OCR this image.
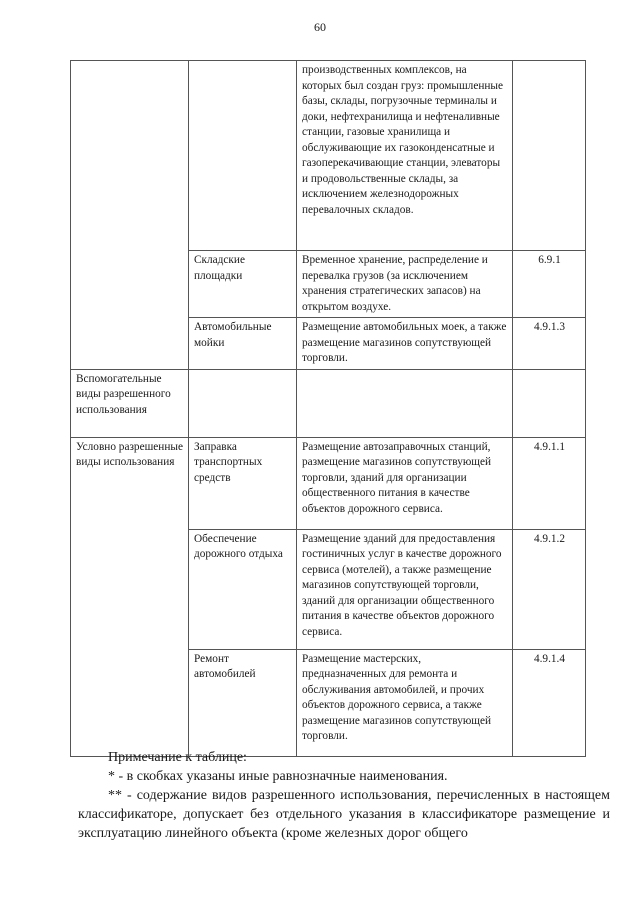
60
		производственных комплексов, на которых был создан груз: промышленные базы, склады, погрузочные терминалы и доки, нефтехранилища и нефтеналивные станции, газовые хранилища и обслуживающие их газоконденсатные и газоперекачивающие станции, элеваторы и продовольственные склады, за исключением железнодорожных перевалочных складов.	
	Складские площадки	Временное хранение, распределение и перевалка грузов (за исключением хранения стратегических запасов) на открытом воздухе.	6.9.1
	Автомобильные мойки	Размещение автомобильных моек, а также размещение магазинов сопутствующей торговли.	4.9.1.3
Вспомогательные виды разрешенного использования			
Условно разрешенные виды использования	Заправка транспортных средств	Размещение автозаправочных станций, размещение магазинов сопутствующей торговли, зданий для организации общественного питания в качестве объектов дорожного сервиса.	4.9.1.1
	Обеспечение дорожного отдыха	Размещение зданий для предоставления гостиничных услуг в качестве дорожного сервиса (мотелей), а также размещение магазинов сопутствующей торговли, зданий для организации общественного питания в качестве объектов дорожного сервиса.	4.9.1.2
	Ремонт автомобилей	Размещение мастерских, предназначенных для ремонта и обслуживания автомобилей, и прочих объектов дорожного сервиса, а также размещение магазинов сопутствующей торговли.	4.9.1.4

Примечание к таблице:

* - в скобках указаны иные равнозначные наименования.

** - содержание видов разрешенного использования, перечисленных в настоящем классификаторе, допускает без отдельного указания в классификаторе размещение и эксплуатацию линейного объекта (кроме железных дорог общего
